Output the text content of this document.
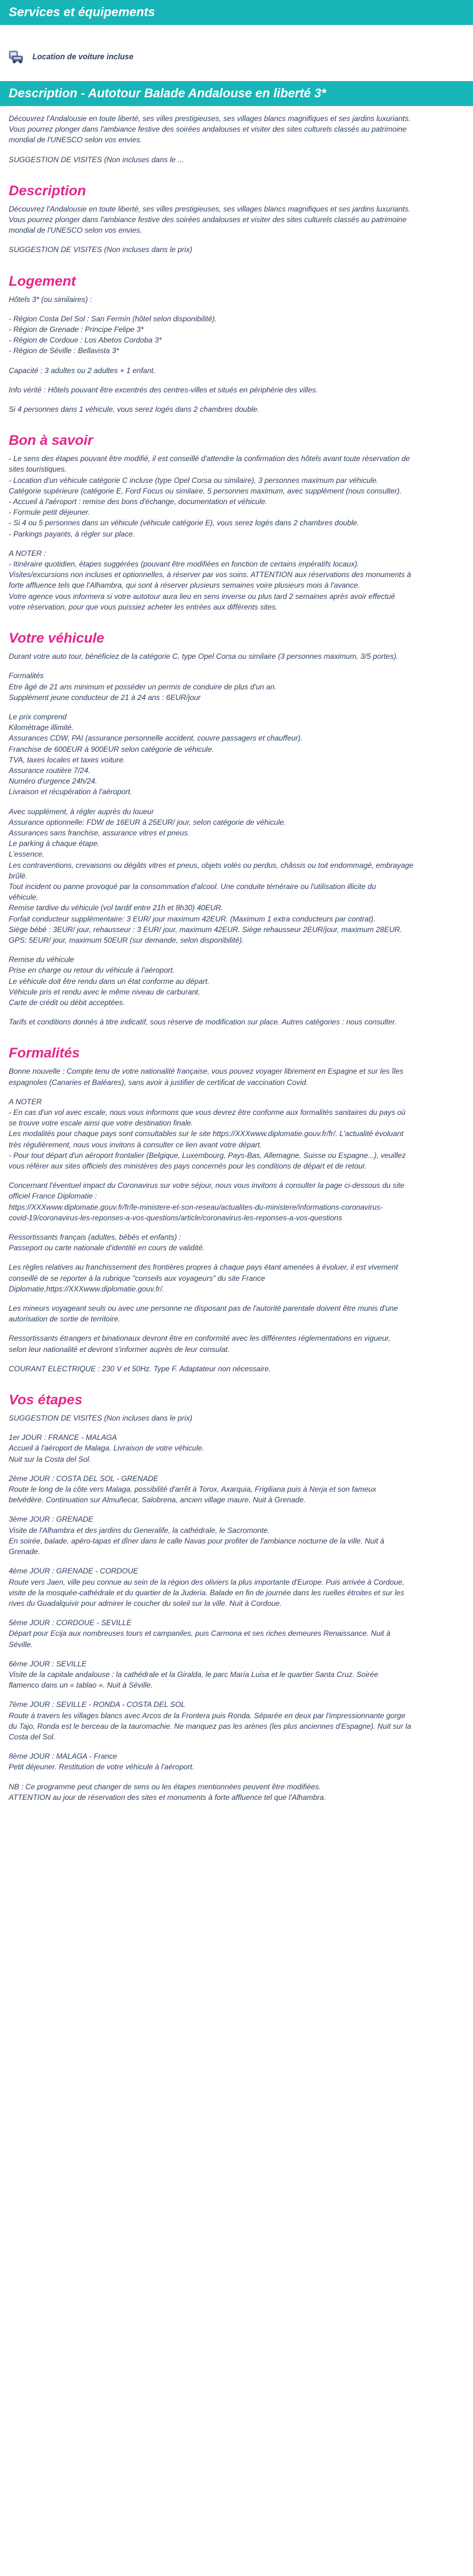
Services et équipements
Location de voiture incluse
Description - Autotour Balade Andalouse en liberté 3*

Découvrez l'Andalousie en toute liberté, ses villes prestigieuses, ses villages blancs magnifiques et ses jardins luxuriants.
Vous pourrez plonger dans l'ambiance festive des soirées andalouses et visiter des sites culturels classés au patrimoine
mondial de l'UNESCO selon vos envies.

SUGGESTION DE VISITES (Non incluses dans le ...

Description

Découvrez l'Andalousie en toute liberté, ses villes prestigieuses, ses villages blancs magnifiques et ses jardins luxuriants.
Vous pourrez plonger dans l'ambiance festive des soirées andalouses et visiter des sites culturels classés au patrimoine
mondial de l'UNESCO selon vos envies.

SUGGESTION DE VISITES (Non incluses dans le prix)

Logement

Hôtels 3* (ou similaires) :

- Région Costa Del Sol : San Fermín (hôtel selon disponibilité).
- Région de Grenade : Principe Felipe 3*
- Région de Cordoue : Los Abetos Cordoba 3*
- Région de Séville : Bellavista 3*

Capacité : 3 adultes ou 2 adultes + 1 enfant.

Info vérité : Hôtels pouvant être excentrés des centres-villes et situés en périphérie des villes.

Si 4 personnes dans 1 véhicule, vous serez logés dans 2 chambres double.

Bon à savoir

- Le sens des étapes pouvant être modifié, il est conseillé d'attendre la confirmation des hôtels avant toute réservation de
sites touristiques.
- Location d'un véhicule catégorie C incluse (type Opel Corsa ou similaire), 3 personnes maximum par véhicule.
Catégorie supérieure (catégorie E, Ford Focus ou similaire, 5 personnes maximum, avec supplément (nous consulter).
- Accueil à l'aéroport : remise des bons d'échange, documentation et véhicule.
- Formule petit déjeuner.
- Si 4 ou 5 personnes dans un véhicule (véhicule catégorie E), vous serez logés dans 2 chambres double.
- Parkings payants, à régler sur place.

A NOTER :
- Itinéraire quotidien, étapes suggérées (pouvant être modifiées en fonction de certains impératifs locaux).
Visites/excursions non incluses et optionnelles, à réserver par vos soins. ATTENTION aux réservations des monuments à
forte affluence tels que l'Alhambra, qui sont à réserver plusieurs semaines voire plusieurs mois à l'avance.
Votre agence vous informera si votre autotour aura lieu en sens inverse ou plus tard 2 semaines après avoir effectué
votre réservation, pour que vous puissiez acheter les entrées aux différents sites.

Votre véhicule

Durant votre auto tour, bénéficiez de la catégorie C, type Opel Corsa ou similaire (3 personnes maximum, 3/5 portes).

Formalités
Etre âgé de 21 ans minimum et posséder un permis de conduire de plus d'un an.
Supplément jeune conducteur de 21 à 24 ans : 6EUR/jour

Le prix comprend
Kilométrage illimité.
Assurances CDW, PAI (assurance personnelle accident, couvre passagers et chauffeur).
Franchise de 600EUR à 900EUR selon catégorie de véhicule.
TVA, taxes locales et taxes voiture.
Assurance routière 7/24.
Numéro d'urgence 24h/24.
Livraison et récupération à l'aéroport.

Avec supplément, à régler auprès du loueur
Assurance optionnelle: FDW de 16EUR à 25EUR/ jour, selon catégorie de véhicule.
Assurances sans franchise, assurance vitres et pneus.
Le parking à chaque étape.
L'essence.
Les contraventions, crevaisons ou dégâts vitres et pneus, objets volés ou perdus, châssis ou toit endommagé, embrayage
brûlé.
Tout incident ou panne provoqué par la consommation d'alcool. Une conduite téméraire ou l'utilisation illicite du
véhicule.
Remise tardive du véhicule (vol tardif entre 21h et 8h30) 40EUR.
Forfait conducteur supplémentaire: 3 EUR/ jour maximum 42EUR. (Maximum 1 extra conducteurs par contrat).
Siège bébé : 3EUR/ jour, rehausseur : 3 EUR/ jour, maximum 42EUR. Siège rehausseur 2EUR/jour, maximum 28EUR.
GPS: 5EUR/ jour, maximum 50EUR (sur demande, selon disponibilité).

Remise du véhicule
Prise en charge ou retour du véhicule à l'aéroport.
Le véhicule doit être rendu dans un état conforme au départ.
Véhicule pris et rendu avec le même niveau de carburant.
Carte de crédit ou débit acceptées.

Tarifs et conditions donnés à titre indicatif, sous réserve de modification sur place. Autres catégories : nous consulter.

Formalités

Bonne nouvelle : Compte tenu de votre nationalité française, vous pouvez voyager librement en Espagne et sur les îles
espagnoles (Canaries et Baléares), sans avoir à justifier de certificat de vaccination Covid.

A NOTER
- En cas d'un vol avec escale, nous vous informons que vous devrez être conforme aux formalités sanitaires du pays où
se trouve votre escale ainsi que votre destination finale.
Les modalités pour chaque pays sont consultables sur le site https://XXXwww.diplomatie.gouv.fr/fr/. L'actualité évoluant
très régulièrement, nous vous invitons à consulter ce lien avant votre départ.
- Pour tout départ d'un aéroport frontalier (Belgique, Luxembourg, Pays-Bas, Allemagne, Suisse ou Espagne...), veuillez
vous référer aux sites officiels des ministères des pays concernés pour les conditions de départ et de retour.

Concernant l'éventuel impact du Coronavirus sur votre séjour, nous vous invitons à consulter la page ci-dessous du site
officiel France Diplomatie :
https://XXXwww.diplomatie.gouv.fr/fr/le-ministere-et-son-reseau/actualites-du-ministere/informations-coronavirus-
covid-19/coronavirus-les-reponses-a-vos-questions/article/coronavirus-les-reponses-a-vos-questions

Ressortissants français (adultes, bébés et enfants) :
Passeport ou carte nationale d'identité en cours de validité.

Les règles relatives au franchissement des frontières propres à chaque pays étant amenées à évoluer, il est vivement
conseillé de se reporter à la rubrique "conseils aux voyageurs" du site France
Diplomatie,https://XXXwww.diplomatie.gouv.fr/.

Les mineurs voyageant seuls ou avec une personne ne disposant pas de l'autorité parentale doivent être munis d'une
autorisation de sortie de territoire.

Ressortissants étrangers et binationaux devront être en conformité avec les différentes réglementations en vigueur,
selon leur nationalité et devront s'informer auprès de leur consulat.

COURANT ELECTRIQUE : 230 V et 50Hz. Type F. Adaptateur non nécessaire.

Vos étapes

SUGGESTION DE VISITES (Non incluses dans le prix)

1er JOUR : FRANCE - MALAGA
Accueil à l'aéroport de Malaga. Livraison de votre véhicule.
Nuit sur la Costa del Sol.

2ème JOUR : COSTA DEL SOL - GRENADE
Route le long de la côte vers Malaga, possibilité d'arrêt à Torox, Axarquia, Frigiliana puis à Nerja et son fameux
belvédère. Continuation sur Almuñecar, Salobrena, ancien village maure. Nuit à Grenade.

3ème JOUR : GRENADE
Visite de l'Alhambra et des jardins du Generalife, la cathédrale, le Sacromonte.
En soirée, balade, apéro-tapas et dîner dans le calle Navas pour profiter de l'ambiance nocturne de la ville. Nuit à
Grenade.

4ème JOUR : GRENADE - CORDOUE
Route vers Jaen, ville peu connue au sein de la région des oliviers la plus importante d'Europe. Puis arrivée à Cordoue,
visite de la mosquée-cathédrale et du quartier de la Juderia. Balade en fin de journée dans les ruelles étroites et sur les
rives du Guadalquivir pour admirer le coucher du soleil sur la ville. Nuit à Cordoue.

5ème JOUR : CORDOUE - SEVILLE
Départ pour Ecija aux nombreuses tours et campaniles, puis Carmona et ses riches demeures Renaissance. Nuit à
Séville.

6ème JOUR : SEVILLE
Visite de la capitale andalouse : la cathédrale et la Giralda, le parc María Luisa et le quartier Santa Cruz. Soirée
flamenco dans un « tablao ». Nuit à Séville.

7ème JOUR : SEVILLE - RONDA - COSTA DEL SOL
Route à travers les villages blancs avec Arcos de la Frontera puis Ronda. Séparée en deux par l'impressionnante gorge
du Tajo, Ronda est le berceau de la tauromachie. Ne manquez pas les arènes (les plus anciennes d'Espagne). Nuit sur la
Costa del Sol.

8ème JOUR : MALAGA - France
Petit déjeuner. Restitution de votre véhicule à l'aéroport.

NB : Ce programme peut changer de sens ou les étapes mentionnées peuvent être modifiées.
ATTENTION au jour de réservation des sites et monuments à forte affluence tel que l'Alhambra.
